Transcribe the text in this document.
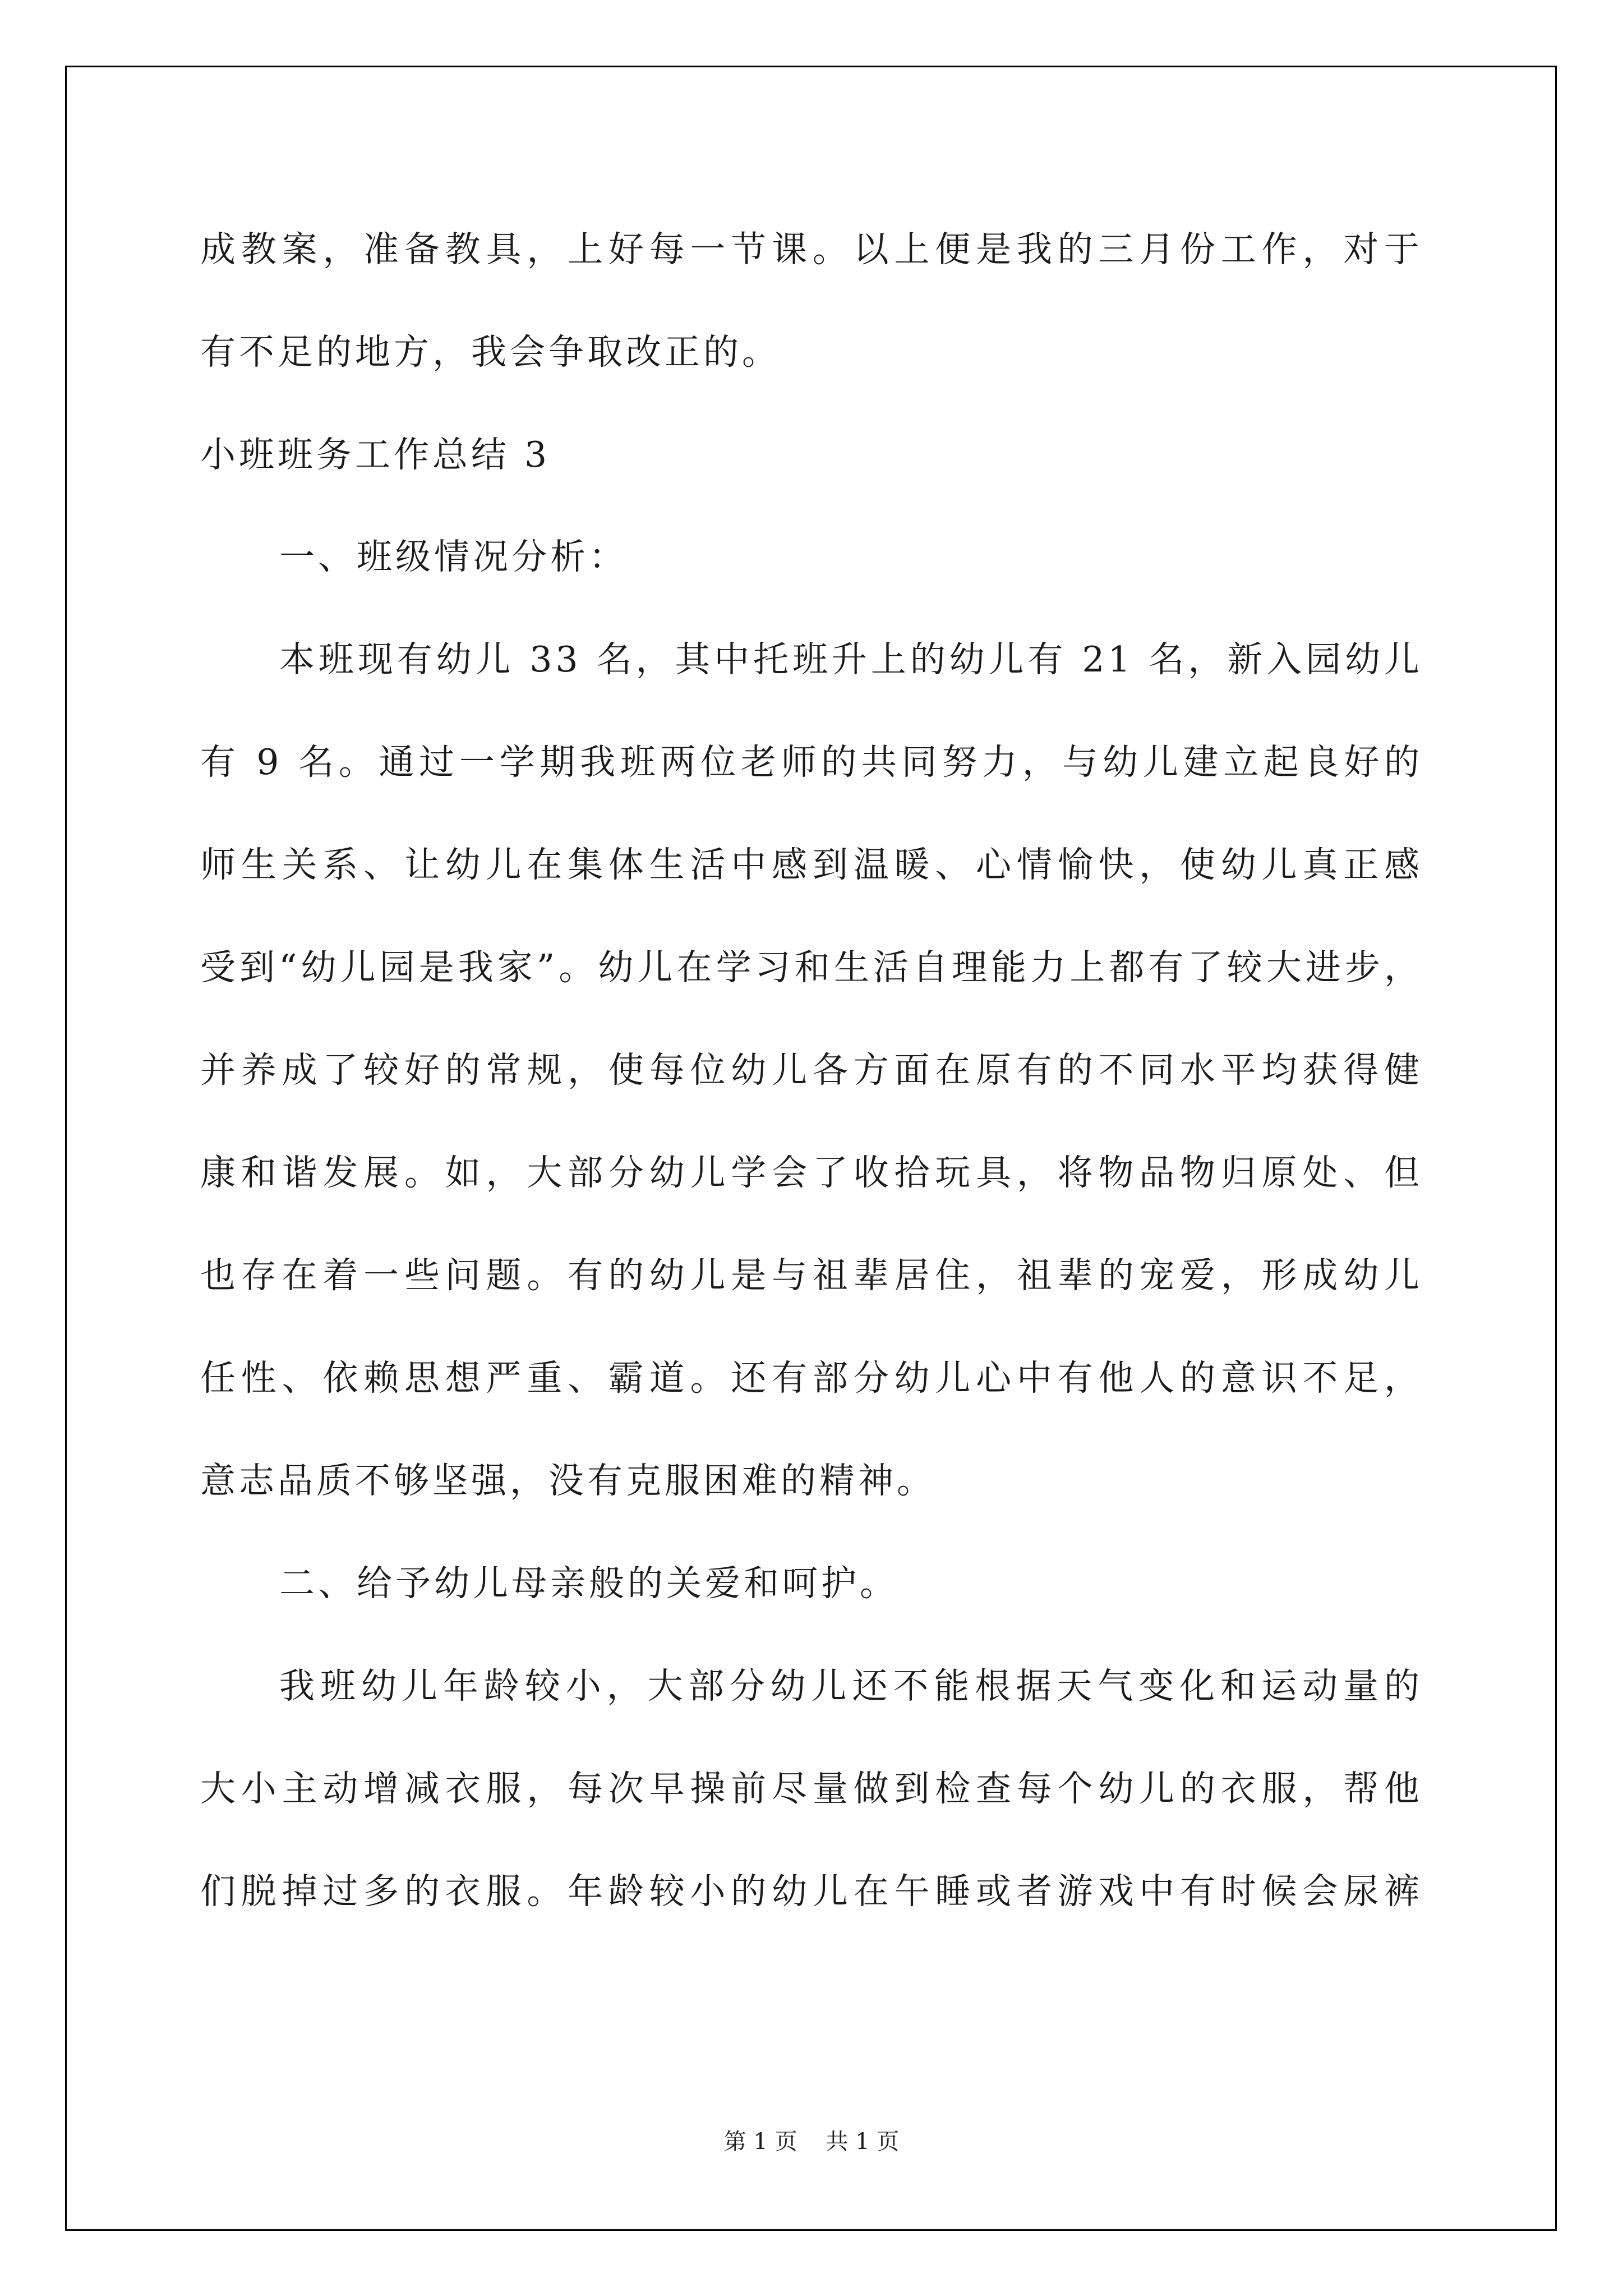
成教案，准备教具，上好每一节课。以上便是我的三月份工作，对于
有不足的地方，我会争取改正的。
小班班务工作总结 3
一、班级情况分析：
本班现有幼儿 33 名，其中托班升上的幼儿有 21 名，新入园幼儿
有 9 名。通过一学期我班两位老师的共同努力，与幼儿建立起良好的
师生关系、让幼儿在集体生活中感到温暖、心情愉快，使幼儿真正感
受到“幼儿园是我家”。幼儿在学习和生活自理能力上都有了较大进步，
并养成了较好的常规，使每位幼儿各方面在原有的不同水平均获得健
康和谐发展。如，大部分幼儿学会了收拾玩具，将物品物归原处、但
也存在着一些问题。有的幼儿是与祖辈居住，祖辈的宠爱，形成幼儿
任性、依赖思想严重、霸道。还有部分幼儿心中有他人的意识不足，
意志品质不够坚强，没有克服困难的精神。
二、给予幼儿母亲般的关爱和呵护。
我班幼儿年龄较小，大部分幼儿还不能根据天气变化和运动量的
大小主动增减衣服，每次早操前尽量做到检查每个幼儿的衣服，帮他
们脱掉过多的衣服。年龄较小的幼儿在午睡或者游戏中有时候会尿裤
第 1 页    共 1 页
